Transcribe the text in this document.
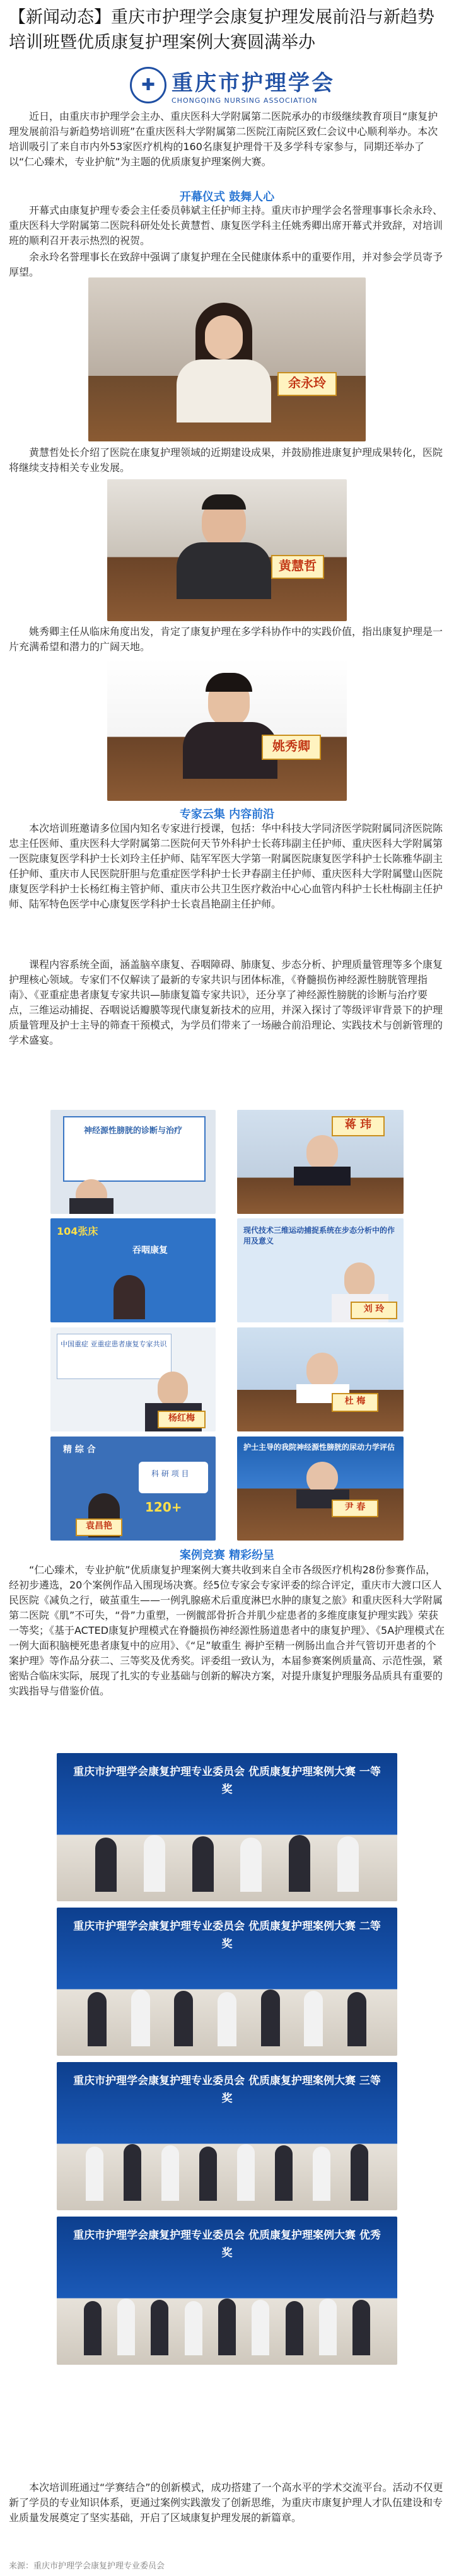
【新闻动态】重庆市护理学会康复护理发展前沿与新趋势培训班暨优质康复护理案例大赛圆满举办
✚ 重庆市护理学会
CHONGQING NURSING ASSOCIATION
近日，由重庆市护理学会主办、重庆医科大学附属第二医院承办的市级继续教育项目“康复护理发展前沿与新趋势培训班”在重庆医科大学附属第二医院江南院区致仁会议中心顺利举办。本次培训吸引了来自市内外53家医疗机构的160名康复护理骨干及多学科专家参与，同期还举办了以“仁心臻术，专业护航”为主题的优质康复护理案例大赛。
开幕仪式 鼓舞人心
开幕式由康复护理专委会主任委员韩斌主任护师主持。重庆市护理学会名誉理事事长余永玲、重庆医科大学附属第二医院科研处处长黄慧哲、康复医学科主任姚秀卿出席开幕式并致辞，对培训班的顺利召开表示热烈的祝贺。
余永玲名誉理事长在致辞中强调了康复护理在全民健康体系中的重要作用，并对参会学员寄予厚望。
余永玲
黄慧哲处长介绍了医院在康复护理领域的近期建设成果，并鼓励推进康复护理成果转化，医院将继续支持相关专业发展。
黄慧哲
姚秀卿主任从临床角度出发，肯定了康复护理在多学科协作中的实践价值，指出康复护理是一片充满希望和潜力的广阔天地。
姚秀卿
专家云集 内容前沿
本次培训班邀请多位国内知名专家进行授课，包括：华中科技大学同济医学院附属同济医院陈忠主任医师、重庆医科大学附属第二医院何天节外科护士长蒋玮副主任护师、重庆医科大学附属第一医院康复医学科护士长刘玲主任护师、陆军军医大学第一附属医院康复医学科护士长陈雅华副主任护师、重庆市人民医院肝胆与危重症医学科护士长尹春副主任护师、重庆医科大学附属璧山医院康复医学科护士长杨红梅主管护师、重庆市公共卫生医疗救治中心心血管内科护士长杜梅副主任护师、陆军特色医学中心康复医学科护士长袁昌艳副主任护师。
课程内容系统全面，涵盖脑卒康复、吞咽障碍、肺康复、步态分析、护理质量管理等多个康复护理核心领域。专家们不仅解读了最新的专家共识与团体标准，《脊髓损伤神经源性膀胱管理指南》、《亚重症患者康复专家共识—肺康复篇专家共识》，还分享了神经源性膀胱的诊断与治疗要点，三维运动捕捉、吞咽说话瓣膜等现代康复新技术的应用，并深入探讨了等级评审背景下的护理质量管理及护士主导的筛查干预模式，为学员们带来了一场融合前沿理论、实践技术与创新管理的学术盛宴。
神经源性膀胱的诊断与治疗	蒋 玮
104张床
吞咽康复
现代技术三维运动捕捉系统在步态分析中的作用及意义
刘 玲
中国重症 亚重症患者康复专家共识
杨红梅
杜 梅
精 综 合
科 研 项 目
120+
袁昌艳
护士主导的我院神经源性膀胱的尿动力学评估
尹 春
案例竞赛 精彩纷呈
“仁心臻术，专业护航”优质康复护理案例大赛共收到来自全市各级医疗机构28份参赛作品，经初步遴选，20个案例作品入围现场决赛。经5位专家会专家评委的综合评定，重庆市大渡口区人民医院《减负之行，破茧重生——一例乳腺癌术后重度淋巴水肿的康复之旅》和重庆医科大学附属第二医院《肌”不可失，“骨”力重塑，一例髋部骨折合并肌少症患者的多维度康复护理实践》荣获一等奖；《基于ACTED康复护理模式在脊髓损伤神经源性肠道患者中的康复护理》、《5A护理模式在一例大面积脑梗死患者康复中的应用》、《“足”敏重生 褥护至精一例肠出血合并气管切开患者的个案护理》等作品分获二、三等奖及优秀奖。评委组一致认为，本届参赛案例质量高、示范性强，紧密贴合临床实际，展现了扎实的专业基础与创新的解决方案，对提升康复护理服务品质具有重要的实践指导与借鉴价值。
重庆市护理学会康复护理专业委员会 优质康复护理案例大赛 一等奖
重庆市护理学会康复护理专业委员会 优质康复护理案例大赛 二等奖
重庆市护理学会康复护理专业委员会 优质康复护理案例大赛 三等奖
重庆市护理学会康复护理专业委员会 优质康复护理案例大赛 优秀奖
本次培训班通过“学赛结合”的创新模式，成功搭建了一个高水平的学术交流平台。活动不仅更新了学员的专业知识体系，更通过案例实践激发了创新思维，为重庆市康复护理人才队伍建设和专业质量发展奠定了坚实基础，开启了区域康复护理发展的新篇章。
来源：重庆市护理学会康复护理专业委员会
